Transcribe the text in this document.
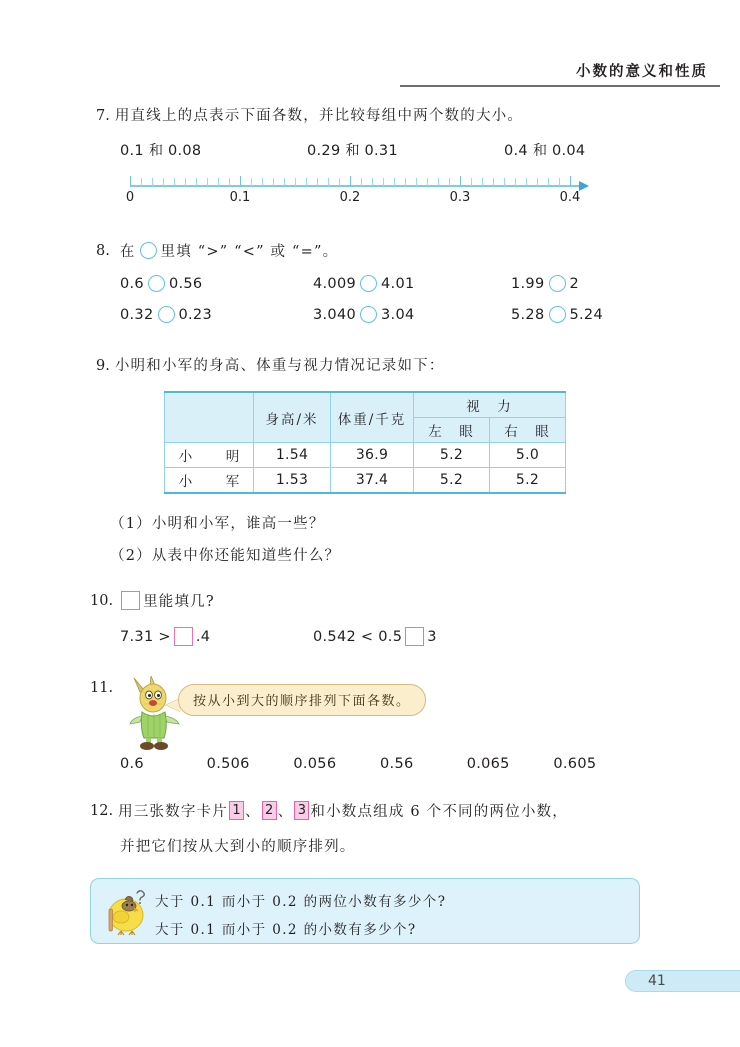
小数的意义和性质
7. 用直线上的点表示下面各数，并比较每组中两个数的大小。
0.1 和 0.08	0.29 和 0.31	0.4 和 0.04
0	0.1	0.2	0.3	0.4
8. 在 里填 “>” “<” 或 “=”。
0.6 0.56	4.009 4.01	1.99 2
0.32 0.23	3.040 3.04	5.28 5.24
9. 小明和小军的身高、体重与视力情况记录如下：
	身高/米	体重/千克	视　力	
			左　眼	右　眼
小　明	1.54	36.9	5.2	5.0
小　军	1.53	37.4	5.2	5.2
（1）小明和小军，谁高一些？
（2）从表中你还能知道些什么？
10. 里能填几?
7.31 > .4	0.542 < 0.5 3
11.
按从小到大的顺序排列下面各数。
0.6	0.506	0.056	0.56	0.065	0.605
12. 用三张数字卡片 1 、 2 、 3 和小数点组成 6 个不同的两位小数，
并把它们按从大到小的顺序排列。
大于 0.1 而小于 0.2 的两位小数有多少个?
大于 0.1 而小于 0.2 的小数有多少个?
41
